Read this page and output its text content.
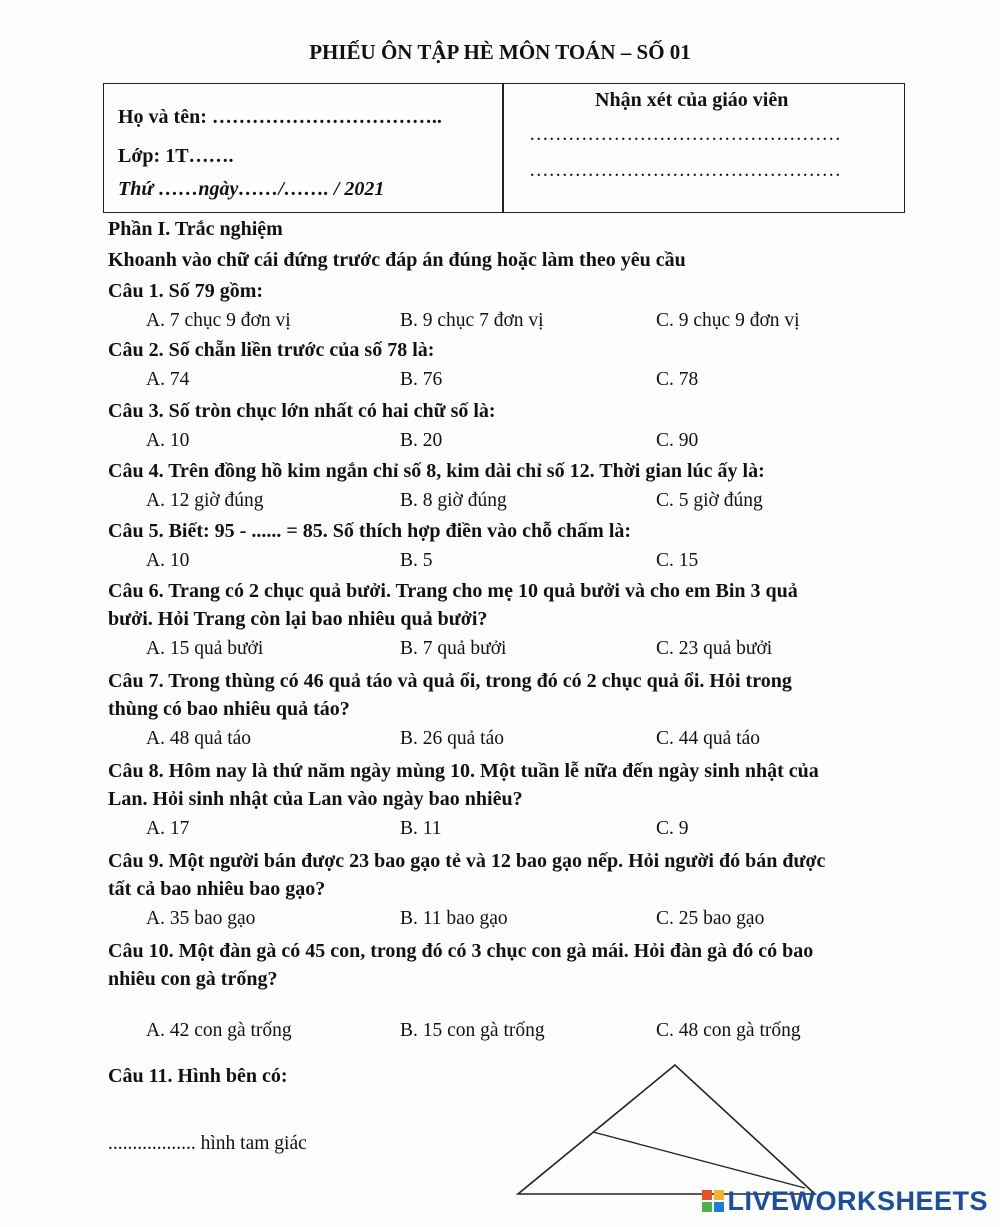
PHIẾU ÔN TẬP HÈ MÔN TOÁN – SỐ 01
Họ và tên: ……………………………..
Lớp: 1T…….
Thứ ……ngày……/……. / 2021
Nhận xét của giáo viên
…………………………………………
…………………………………………
Phần I. Trắc nghiệm
Khoanh vào chữ cái đứng trước đáp án đúng hoặc làm theo yêu cầu
Câu 1. Số 79 gồm:
A. 7 chục 9 đơn vị	B. 9 chục 7 đơn vị	C. 9 chục 9 đơn vị
Câu 2. Số chẵn liền trước của số 78 là:
A. 74	B. 76	C. 78
Câu 3. Số tròn chục lớn nhất có hai chữ số là:
A. 10	B. 20	C. 90
Câu 4. Trên đồng hồ kim ngắn chỉ số 8, kim dài chỉ số 12. Thời gian lúc ấy là:
A. 12 giờ đúng	B. 8 giờ đúng	C. 5 giờ đúng
Câu 5. Biết: 95 - ...... = 85. Số thích hợp điền vào chỗ chấm là:
A. 10	B. 5	C. 15
Câu 6. Trang có 2 chục quả bưởi. Trang cho mẹ 10 quả bưởi và cho em Bin 3 quả
bưởi. Hỏi Trang còn lại bao nhiêu quả bưởi?
A. 15 quả bưởi	B. 7 quả bưởi	C. 23 quả bưởi
Câu 7. Trong thùng có 46 quả táo và quả ổi, trong đó có 2 chục quả ổi. Hỏi trong
thùng có bao nhiêu quả táo?
A. 48 quả táo	B. 26 quả táo	C. 44 quả táo
Câu 8. Hôm nay là thứ năm ngày mùng 10. Một tuần lễ nữa đến ngày sinh nhật của
Lan. Hỏi sinh nhật của Lan vào ngày bao nhiêu?
A. 17	B. 11	C. 9
Câu 9. Một người bán được 23 bao gạo tẻ và 12 bao gạo nếp. Hỏi người đó bán được
tất cả bao nhiêu bao gạo?
A. 35 bao gạo	B. 11 bao gạo	C. 25 bao gạo
Câu 10. Một đàn gà có 45 con, trong đó có 3 chục con gà mái. Hỏi đàn gà đó có bao
nhiêu con gà trống?
A. 42 con gà trống	B. 15 con gà trống	C. 48 con gà trống
Câu 11. Hình bên có:
.................. hình tam giác
LIVEWORKSHEETS
